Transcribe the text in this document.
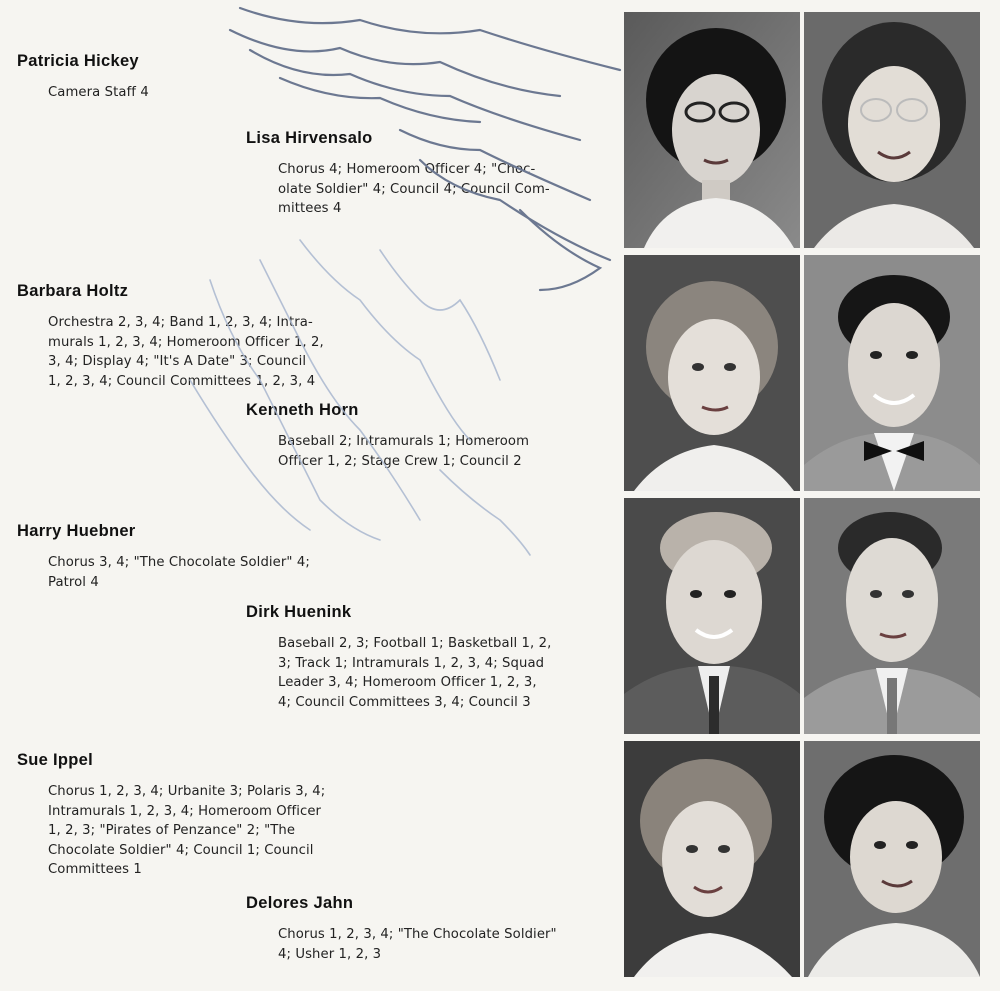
Patricia Hickey
Camera Staff 4
Lisa Hirvensalo
Chorus 4; Homeroom Officer 4; "Choc-
olate Soldier" 4; Council 4; Council Com-
mittees 4
Barbara Holtz
Orchestra 2, 3, 4; Band 1, 2, 3, 4; Intra-
murals 1, 2, 3, 4; Homeroom Officer 1, 2,
3, 4; Display 4; "It's A Date" 3; Council
1, 2, 3, 4; Council Committees 1, 2, 3, 4
Kenneth Horn
Baseball 2; Intramurals 1; Homeroom
Officer 1, 2; Stage Crew 1; Council 2
Harry Huebner
Chorus 3, 4; "The Chocolate Soldier" 4;
Patrol 4
Dirk Huenink
Baseball 2, 3; Football 1; Basketball 1, 2,
3; Track 1; Intramurals 1, 2, 3, 4; Squad
Leader 3, 4; Homeroom Officer 1, 2, 3,
4; Council Committees 3, 4; Council 3
Sue Ippel
Chorus 1, 2, 3, 4; Urbanite 3; Polaris 3, 4;
Intramurals 1, 2, 3, 4; Homeroom Officer
1, 2, 3; "Pirates of Penzance" 2; "The
Chocolate Soldier" 4; Council 1; Council
Committees 1
Delores Jahn
Chorus 1, 2, 3, 4; "The Chocolate Soldier"
4; Usher 1, 2, 3
